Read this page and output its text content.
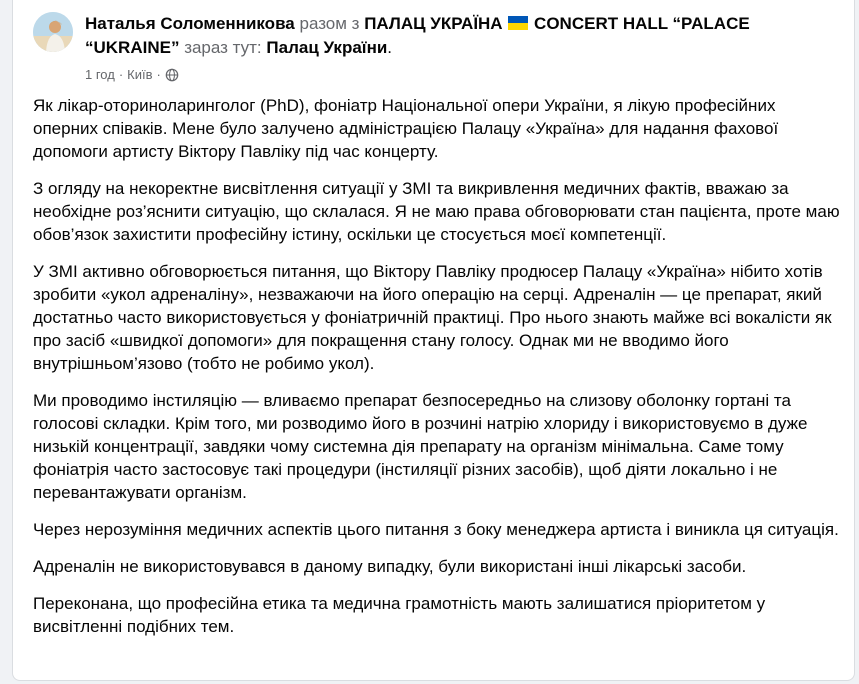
Наталья Соломенникова разом з ПАЛАЦ УКРАЇНА CONCERT HALL “PALACE “UKRAINE” зараз тут: Палац України.
1 год · Київ ·

Як лікар-оториноларинголог (PhD), фоніатр Національної опери України, я лікую професійних оперних співаків. Мене було залучено адміністрацією Палацу «Україна» для надання фахової допомоги артисту Віктору Павліку під час концерту.

З огляду на некоректне висвітлення ситуації у ЗМІ та викривлення медичних фактів, вважаю за необхідне роз’яснити ситуацію, що склалася. Я не маю права обговорювати стан пацієнта, проте маю обов’язок захистити професійну істину, оскільки це стосується моєї компетенції.

У ЗМІ активно обговорюється питання, що Віктору Павліку продюсер Палацу «Україна» нібито хотів зробити «укол адреналіну», незважаючи на його операцію на серці. Адреналін — це препарат, який достатньо часто використовується у фоніатричній практиці. Про нього знають майже всі вокалісти як про засіб «швидкої допомоги» для покращення стану голосу. Однак ми не вводимо його внутрішньом’язово (тобто не робимо укол).

Ми проводимо інстиляцію — вливаємо препарат безпосередньо на слизову оболонку гортані та голосові складки. Крім того, ми розводимо його в розчині натрію хлориду і використовуємо в дуже низькій концентрації, завдяки чому системна дія препарату на організм мінімальна. Саме тому фоніатрія часто застосовує такі процедури (інстиляції різних засобів), щоб діяти локально і не перевантажувати організм.

Через нерозуміння медичних аспектів цього питання з боку менеджера артиста і виникла ця ситуація.

Адреналін не використовувався в даному випадку, були використані інші лікарські засоби.

Переконана, що професійна етика та медична грамотність мають залишатися пріоритетом у висвітленні подібних тем.
